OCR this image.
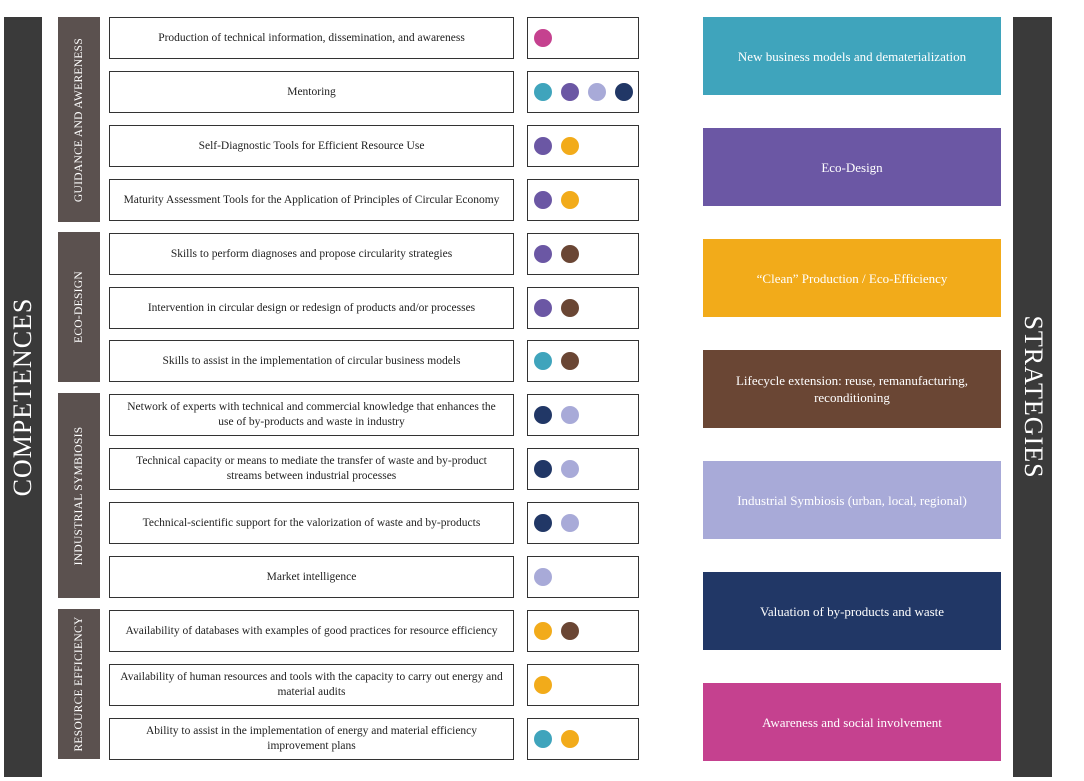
COMPETENCES
GUIDANCE AND AWERENESS
ECO-DESIGN
INDUSTRIAL SYMBIOSIS
RESOURCE EFFICIENCY
Production of technical information, dissemination, and awareness
Mentoring
Self-Diagnostic Tools for Efficient Resource Use
Maturity Assessment Tools for the Application of Principles of Circular Economy
Skills to perform diagnoses and propose circularity strategies
Intervention in circular design or redesign of products and/or processes
Skills to assist in the implementation of circular business models
Network of experts with technical and commercial knowledge that enhances the use of by-products and waste in industry
Technical capacity or means to mediate the transfer of waste and by-product streams between industrial processes
Technical-scientific support for the valorization of waste and by-products
Market intelligence
Availability of databases with examples of good practices for resource efficiency
Availability of human resources and tools with the capacity to carry out energy and material audits
Ability to assist in the implementation of energy and material efficiency improvement plans
STRATEGIES
New business models and dematerialization
Eco-Design
“Clean” Production / Eco-Efficiency
Lifecycle extension: reuse, remanufacturing, reconditioning
Industrial Symbiosis (urban, local, regional)
Valuation of by-products and waste
Awareness and social involvement
